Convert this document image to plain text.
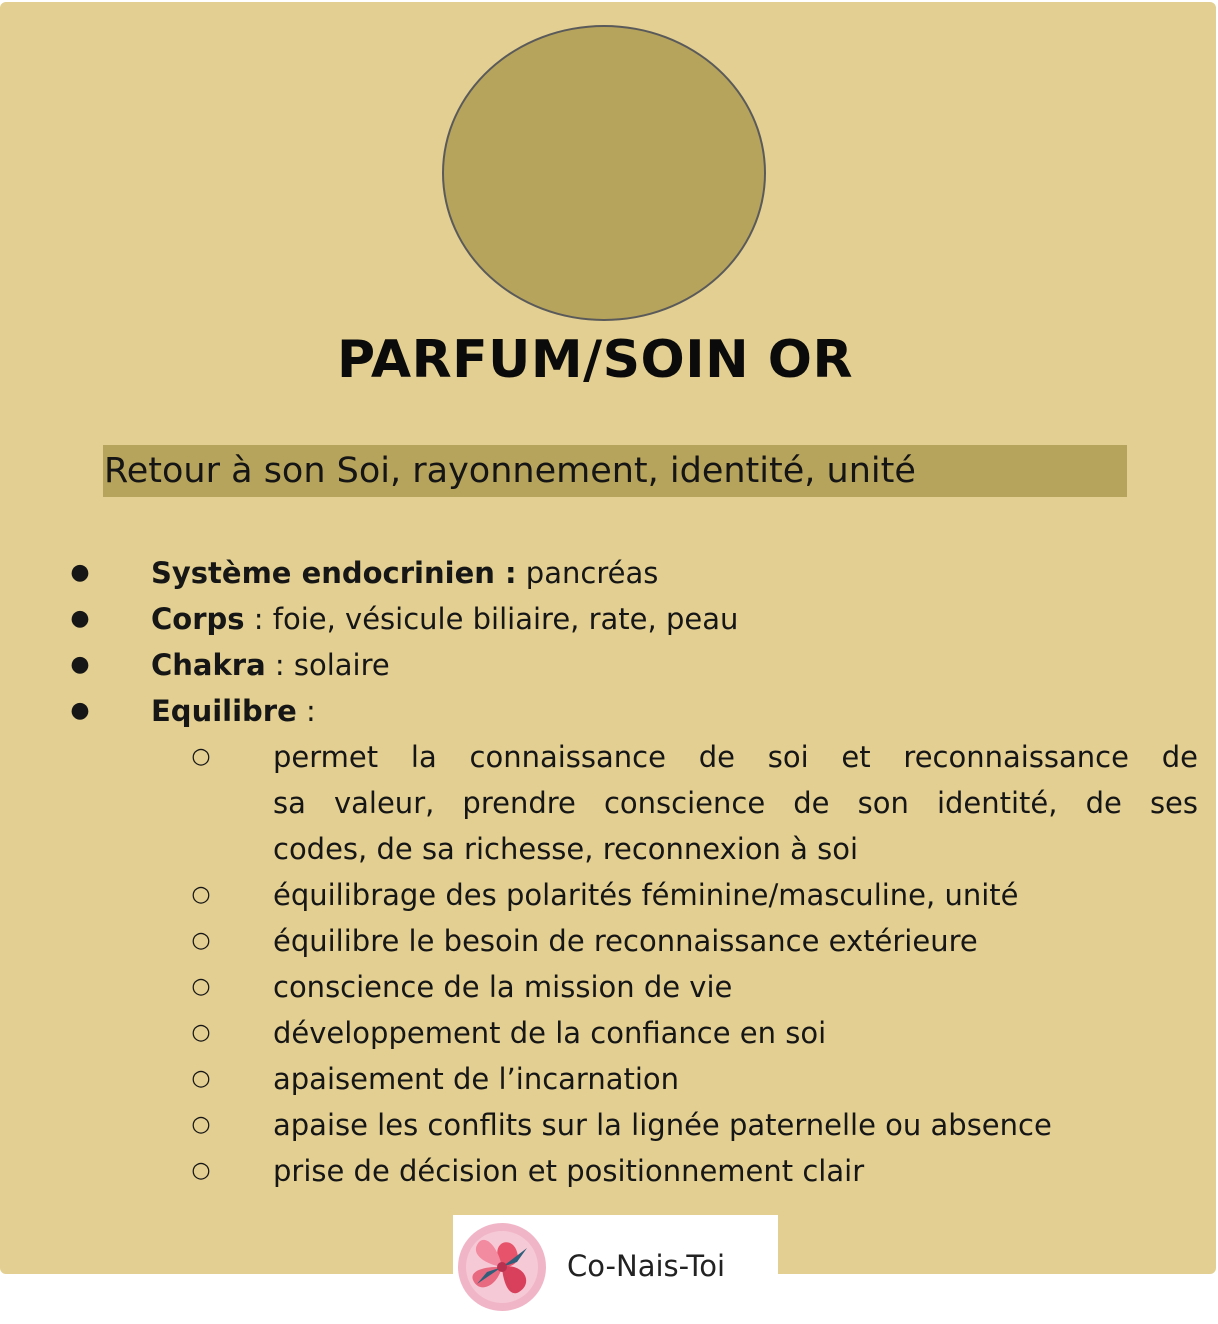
PARFUM/SOIN OR
Retour à son Soi, rayonnement, identité, unité
● Système endocrinien : pancréas
● Corps : foie, vésicule biliaire, rate, peau
● Chakra : solaire
● Equilibre :
○ permet la connaissance de soi et reconnaissance de
sa valeur, prendre conscience de son identité, de ses
codes, de sa richesse, reconnexion à soi
○ équilibrage des polarités féminine/masculine, unité
○ équilibre le besoin de reconnaissance extérieure
○ conscience de la mission de vie
○ développement de la confiance en soi
○ apaisement de l’incarnation
○ apaise les conflits sur la lignée paternelle ou absence
○ prise de décision et positionnement clair
Co-Nais-Toi
